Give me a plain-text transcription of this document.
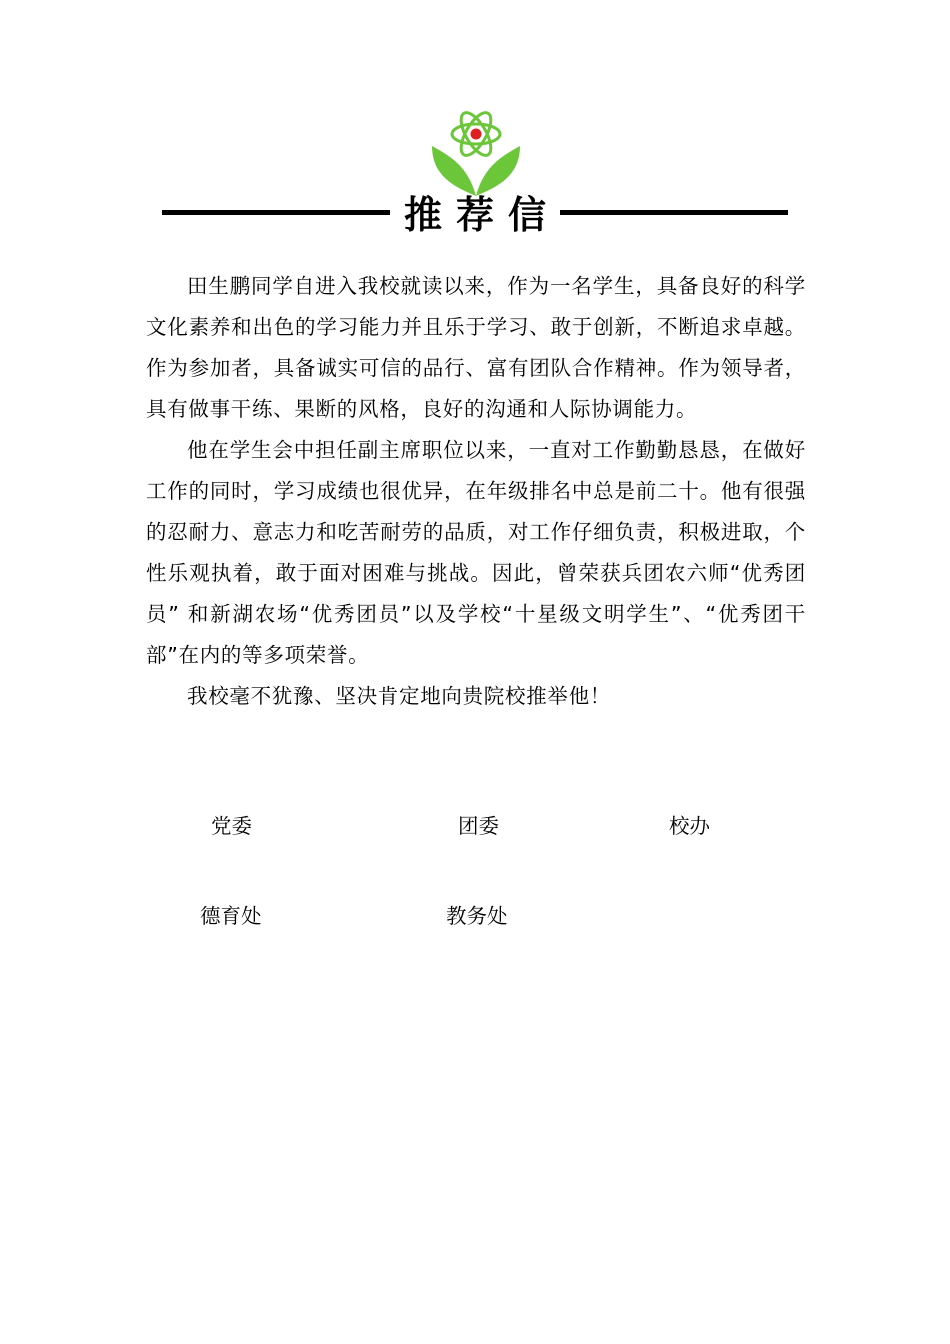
推荐信

田生鹏同学自进入我校就读以来，作为一名学生，具备良好的科学文化素养和出色的学习能力并且乐于学习、敢于创新，不断追求卓越。作为参加者，具备诚实可信的品行、富有团队合作精神。作为领导者，具有做事干练、果断的风格，良好的沟通和人际协调能力。

他在学生会中担任副主席职位以来，一直对工作勤勤恳恳，在做好工作的同时，学习成绩也很优异，在年级排名中总是前二十。他有很强的忍耐力、意志力和吃苦耐劳的品质，对工作仔细负责，积极进取，个性乐观执着，敢于面对困难与挑战。因此，曾荣获兵团农六师“优秀团员” 和新湖农场“优秀团员”以及学校“十星级文明学生”、“优秀团干部”在内的等多项荣誉。

我校毫不犹豫、坚决肯定地向贵院校推举他！

党委	团委	校办
德育处	教务处
